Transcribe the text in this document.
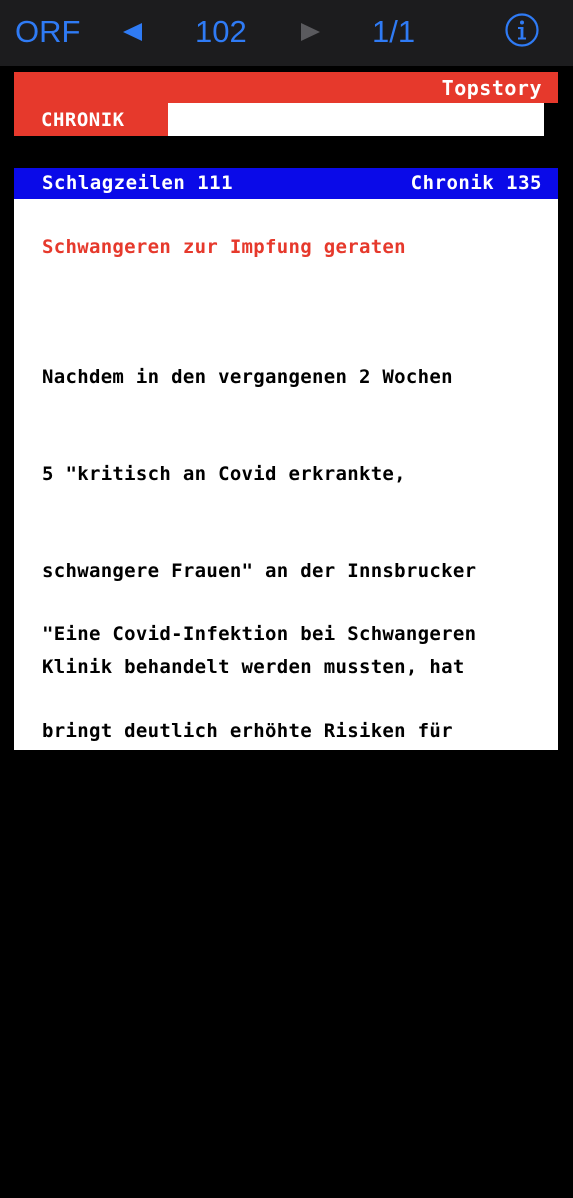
ORF	102	1/1
Topstory
CHRONIK
Schlagzeilen 111	Chronik 135
Schwangeren zur Impfung geraten

Nachdem in den vergangenen 2 Wochen

5 "kritisch an Covid erkrankte,

schwangere Frauen" an der Innsbrucker

Klinik behandelt werden mussten, hat

die Frauenklinik Schwangeren bei

Kinderwunsch und während der Still-

zeit dringend zur Impfung geraten.

"Eine Covid-Infektion bei Schwangeren

bringt deutlich erhöhte Risiken für

Mutter und Kind mit sich", sagte

Oberärztin Ciresa-König. Sie nannte

die Risiken von Atemnot, einer Inten-

sivbehandlung und einer Fehlgeburt.
